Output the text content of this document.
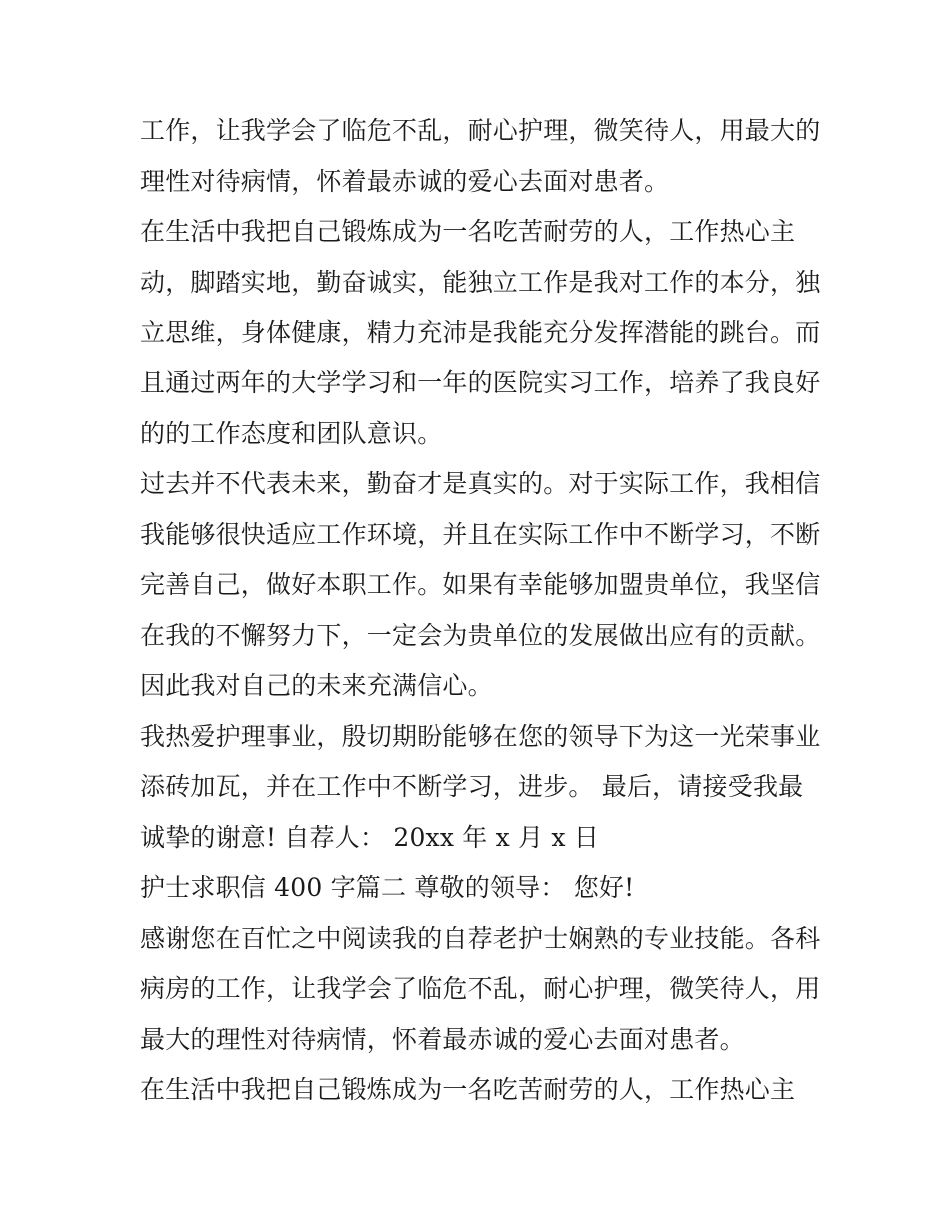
工作，让我学会了临危不乱，耐心护理，微笑待人，用最大的
理性对待病情，怀着最赤诚的爱心去面对患者。
在生活中我把自己锻炼成为一名吃苦耐劳的人，工作热心主
动，脚踏实地，勤奋诚实，能独立工作是我对工作的本分，独
立思维，身体健康，精力充沛是我能充分发挥潜能的跳台。而
且通过两年的大学学习和一年的医院实习工作，培养了我良好
的的工作态度和团队意识。
过去并不代表未来，勤奋才是真实的。对于实际工作，我相信
我能够很快适应工作环境，并且在实际工作中不断学习，不断
完善自己，做好本职工作。如果有幸能够加盟贵单位，我坚信
在我的不懈努力下，一定会为贵单位的发展做出应有的贡献。
因此我对自己的未来充满信心。
我热爱护理事业，殷切期盼能够在您的领导下为这一光荣事业
添砖加瓦，并在工作中不断学习，进步。 最后，请接受我最
诚挚的谢意! 自荐人： 20xx 年 x 月 x 日
护士求职信 400 字篇二 尊敬的领导： 您好!
感谢您在百忙之中阅读我的自荐老护士娴熟的专业技能。各科
病房的工作，让我学会了临危不乱，耐心护理，微笑待人，用
最大的理性对待病情，怀着最赤诚的爱心去面对患者。
在生活中我把自己锻炼成为一名吃苦耐劳的人，工作热心主
